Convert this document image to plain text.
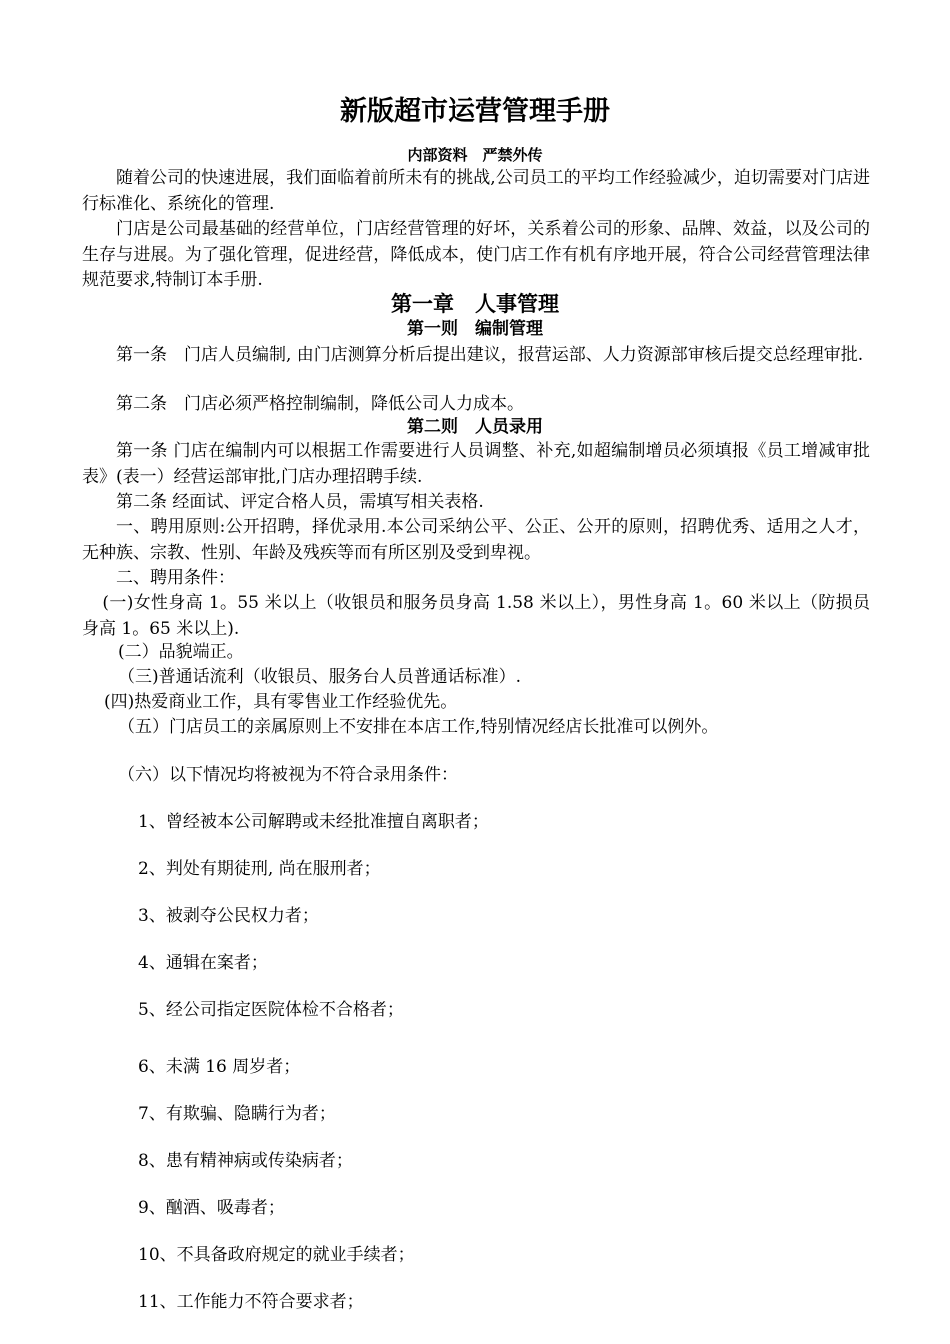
新版超市运营管理手册
内部资料　严禁外传

随着公司的快速进展，我们面临着前所未有的挑战,公司员工的平均工作经验减少，迫切需要对门店进行标准化、系统化的管理.

门店是公司最基础的经营单位，门店经营管理的好坏，关系着公司的形象、品牌、效益，以及公司的生存与进展。为了强化管理，促进经营，降低成本，使门店工作有机有序地开展，符合公司经营管理法律规范要求,特制订本手册.

第一章　人事管理
第一则　编制管理

第一条　门店人员编制, 由门店测算分析后提出建议，报营运部、人力资源部审核后提交总经理审批.

第二条　门店必须严格控制编制，降低公司人力成本。

第二则　人员录用

第一条 门店在编制内可以根据工作需要进行人员调整、补充,如超编制增员必须填报《员工增减审批表》(表一）经营运部审批,门店办理招聘手续.

第二条 经面试、评定合格人员，需填写相关表格.

一、聘用原则:公开招聘，择优录用.本公司采纳公平、公正、公开的原则，招聘优秀、适用之人才，无种族、宗教、性别、年龄及残疾等而有所区别及受到卑视。

二、聘用条件：

(一)女性身高 1。55 米以上（收银员和服务员身高 1.58 米以上），男性身高 1。60 米以上（防损员身高 1。65 米以上).

(二）品貌端正。

（三)普通话流利（收银员、服务台人员普通话标准）.

(四)热爱商业工作，具有零售业工作经验优先。

（五）门店员工的亲属原则上不安排在本店工作,特别情况经店长批准可以例外。

（六）以下情况均将被视为不符合录用条件：

1、曾经被本公司解聘或未经批准擅自离职者；

2、判处有期徒刑, 尚在服刑者；

3、被剥夺公民权力者；

4、通辑在案者；

5、经公司指定医院体检不合格者；

6、未满 16 周岁者；

7、有欺骗、隐瞒行为者；

8、患有精神病或传染病者；

9、酗酒、吸毒者；

10、不具备政府规定的就业手续者；

11、工作能力不符合要求者；
